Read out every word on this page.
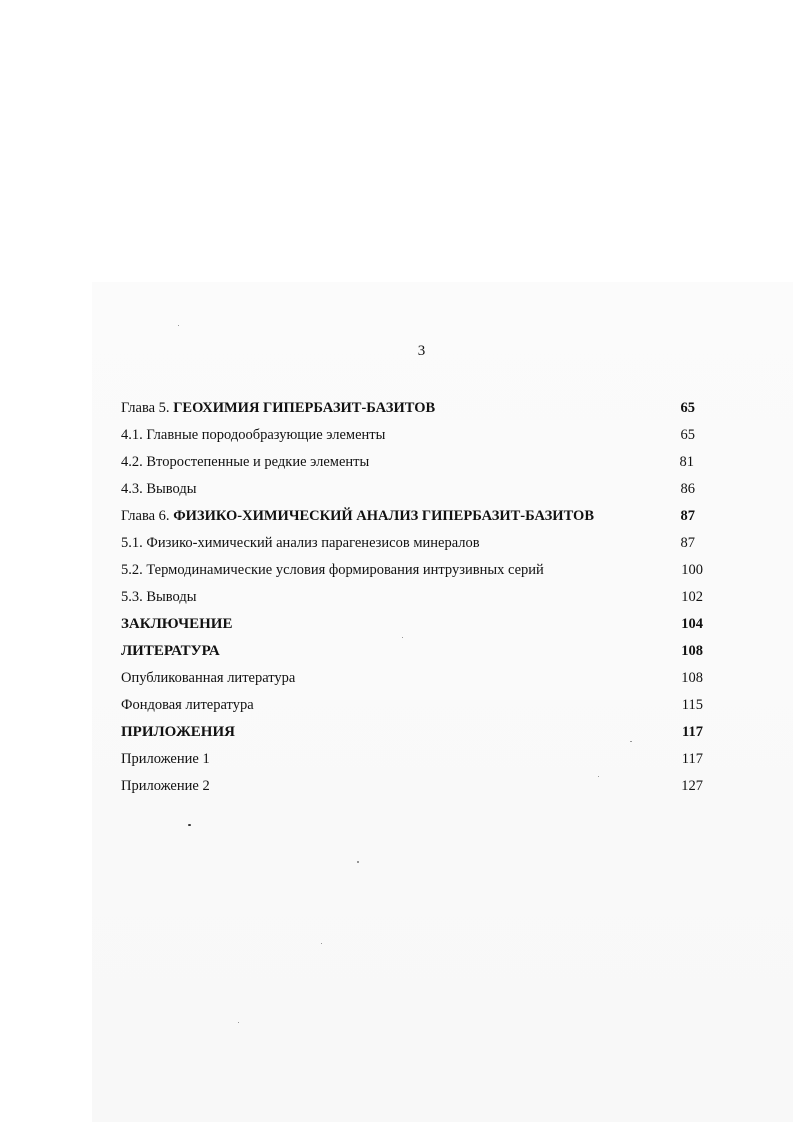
3
Глава 5. ГЕОХИМИЯ ГИПЕРБАЗИТ-БАЗИТОВ	65
4.1. Главные породообразующие элементы	65
4.2. Второстепенные и редкие элементы	81
4.3. Выводы	86
Глава 6. ФИЗИКО-ХИМИЧЕСКИЙ АНАЛИЗ ГИПЕРБАЗИТ-БАЗИТОВ	87
5.1. Физико-химический анализ парагенезисов минералов	87
5.2. Термодинамические условия формирования интрузивных серий	100
5.3. Выводы	102
ЗАКЛЮЧЕНИЕ	104
ЛИТЕРАТУРА	108
Опубликованная литература	108
Фондовая литература	115
ПРИЛОЖЕНИЯ	117
Приложение 1	117
Приложение 2	127
